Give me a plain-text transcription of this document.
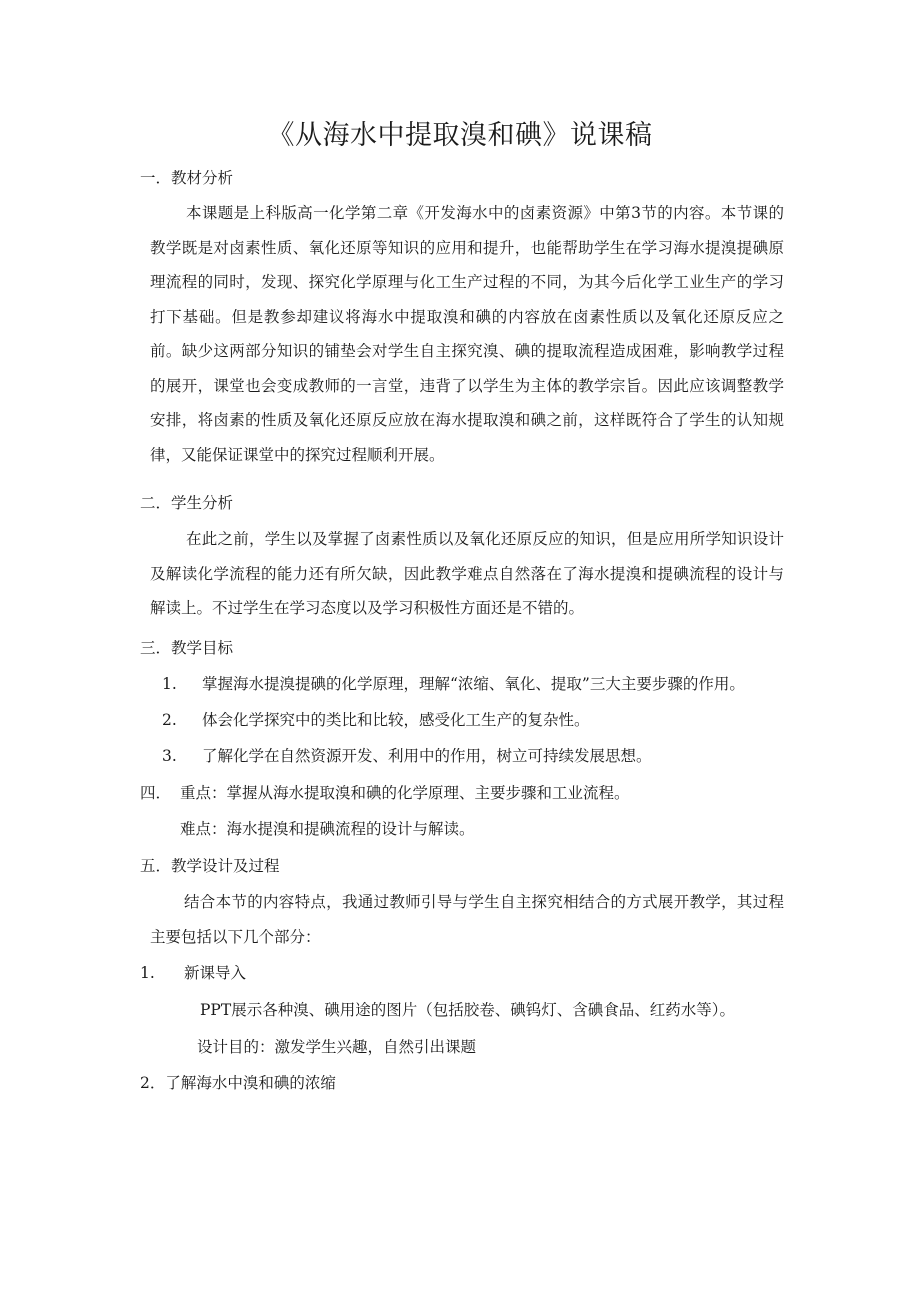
《从海水中提取溴和碘》说课稿
一．教材分析
本课题是上科版高一化学第二章《开发海水中的卤素资源》中第3节的内容。本节课的教学既是对卤素性质、氧化还原等知识的应用和提升，也能帮助学生在学习海水提溴提碘原理流程的同时，发现、探究化学原理与化工生产过程的不同，为其今后化学工业生产的学习打下基础。但是教参却建议将海水中提取溴和碘的内容放在卤素性质以及氧化还原反应之前。缺少这两部分知识的铺垫会对学生自主探究溴、碘的提取流程造成困难，影响教学过程的展开，课堂也会变成教师的一言堂，违背了以学生为主体的教学宗旨。因此应该调整教学安排，将卤素的性质及氧化还原反应放在海水提取溴和碘之前，这样既符合了学生的认知规律，又能保证课堂中的探究过程顺利开展。
二．学生分析
在此之前，学生以及掌握了卤素性质以及氧化还原反应的知识，但是应用所学知识设计及解读化学流程的能力还有所欠缺，因此教学难点自然落在了海水提溴和提碘流程的设计与解读上。不过学生在学习态度以及学习积极性方面还是不错的。
三．教学目标
1. 掌握海水提溴提碘的化学原理，理解“浓缩、氧化、提取”三大主要步骤的作用。
2. 体会化学探究中的类比和比较，感受化工生产的复杂性。
3. 了解化学在自然资源开发、利用中的作用，树立可持续发展思想。
四． 重点：掌握从海水提取溴和碘的化学原理、主要步骤和工业流程。
难点：海水提溴和提碘流程的设计与解读。
五．教学设计及过程
结合本节的内容特点，我通过教师引导与学生自主探究相结合的方式展开教学，其过程主要包括以下几个部分：
1. 新课导入
PPT展示各种溴、碘用途的图片（包括胶卷、碘钨灯、含碘食品、红药水等）。
设计目的：激发学生兴趣，自然引出课题
2．了解海水中溴和碘的浓缩
